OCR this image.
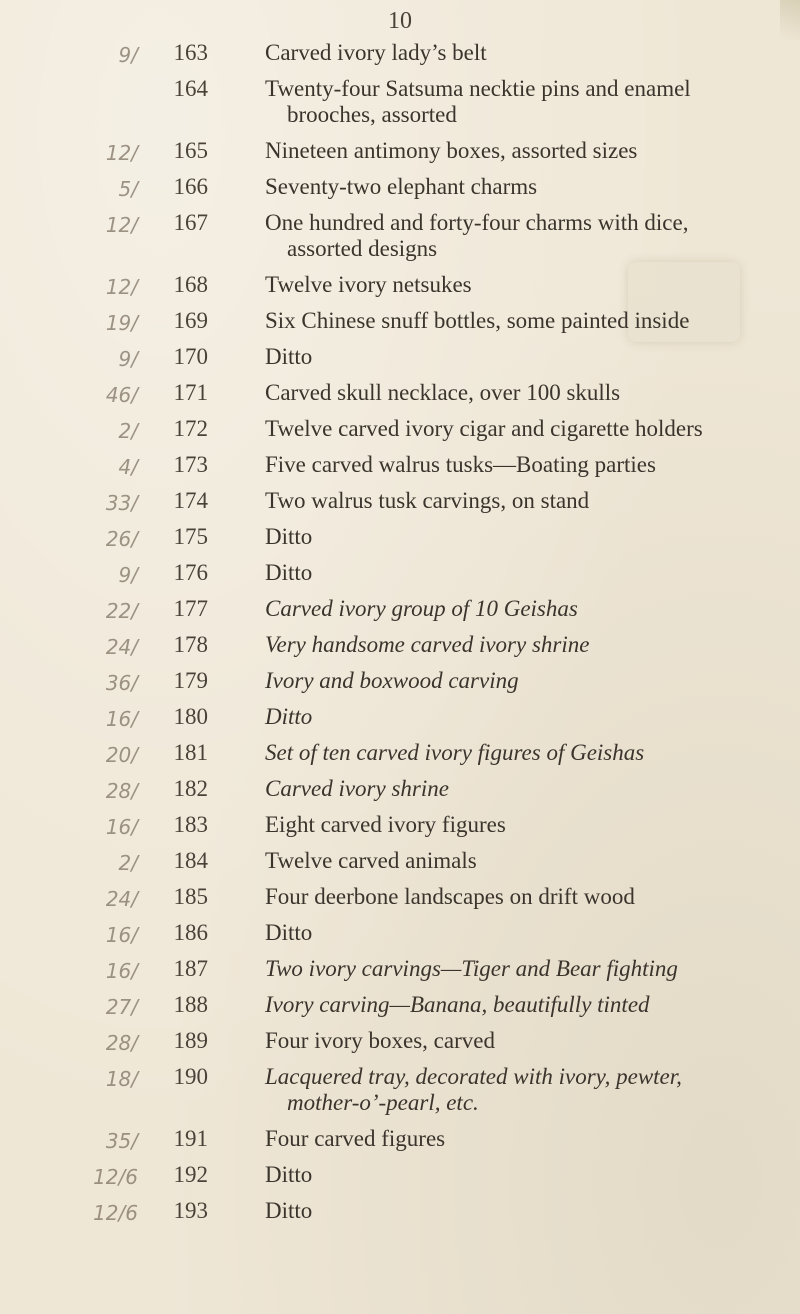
10
9/	163 Carved ivory lady’s belt
164 Twenty-four Satsuma necktie pins and enamel
brooches, assorted
12/	165 Nineteen antimony boxes, assorted sizes
5/	166 Seventy-two elephant charms
12/	167 One hundred and forty-four charms with dice,
assorted designs
12/	168 Twelve ivory netsukes
19/	169 Six Chinese snuff bottles, some painted inside
9/	170 Ditto
46/	171 Carved skull necklace, over 100 skulls
2/	172 Twelve carved ivory cigar and cigarette holders
4/	173 Five carved walrus tusks—Boating parties
33/	174 Two walrus tusk carvings, on stand
26/	175 Ditto
9/	176 Ditto
22/	177 Carved ivory group of 10 Geishas
24/	178 Very handsome carved ivory shrine
36/	179 Ivory and boxwood carving
16/	180 Ditto
20/	181 Set of ten carved ivory figures of Geishas
28/	182 Carved ivory shrine
16/	183 Eight carved ivory figures
2/	184 Twelve carved animals
24/	185 Four deerbone landscapes on drift wood
16/	186 Ditto
16/	187 Two ivory carvings—Tiger and Bear fighting
27/	188 Ivory carving—Banana, beautifully tinted
28/	189 Four ivory boxes, carved
18/	190 Lacquered tray, decorated with ivory, pewter,
mother-o’-pearl, etc.
35/	191 Four carved figures
12/6	192 Ditto
12/6	193 Ditto
